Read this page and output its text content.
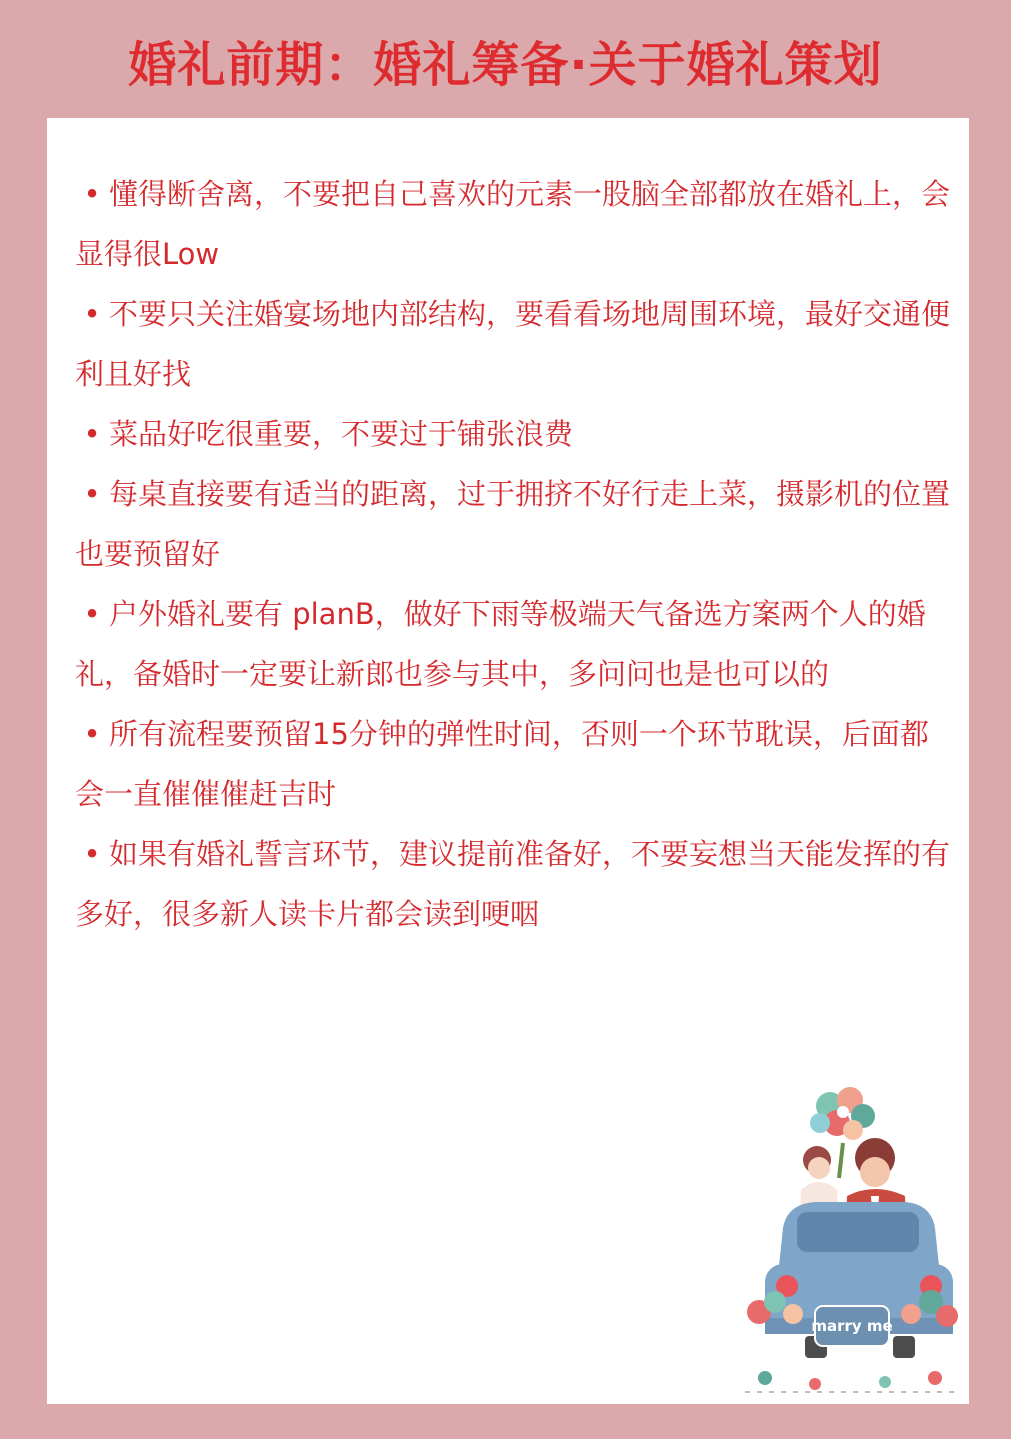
婚礼前期：婚礼筹备·关于婚礼策划

• 懂得断舍离，不要把自己喜欢的元素一股脑全部都放在婚礼上，会显得很Low

• 不要只关注婚宴场地内部结构，要看看场地周围环境，最好交通便利且好找

• 菜品好吃很重要，不要过于铺张浪费

• 每桌直接要有适当的距离，过于拥挤不好行走上菜，摄影机的位置也要预留好

• 户外婚礼要有 planB，做好下雨等极端天气备选方案两个人的婚礼，备婚时一定要让新郎也参与其中，多问问也是也可以的

• 所有流程要预留15分钟的弹性时间，否则一个环节耽误，后面都会一直催催催赶吉时

• 如果有婚礼誓言环节，建议提前准备好，不要妄想当天能发挥的有多好，很多新人读卡片都会读到哽咽

marry me
